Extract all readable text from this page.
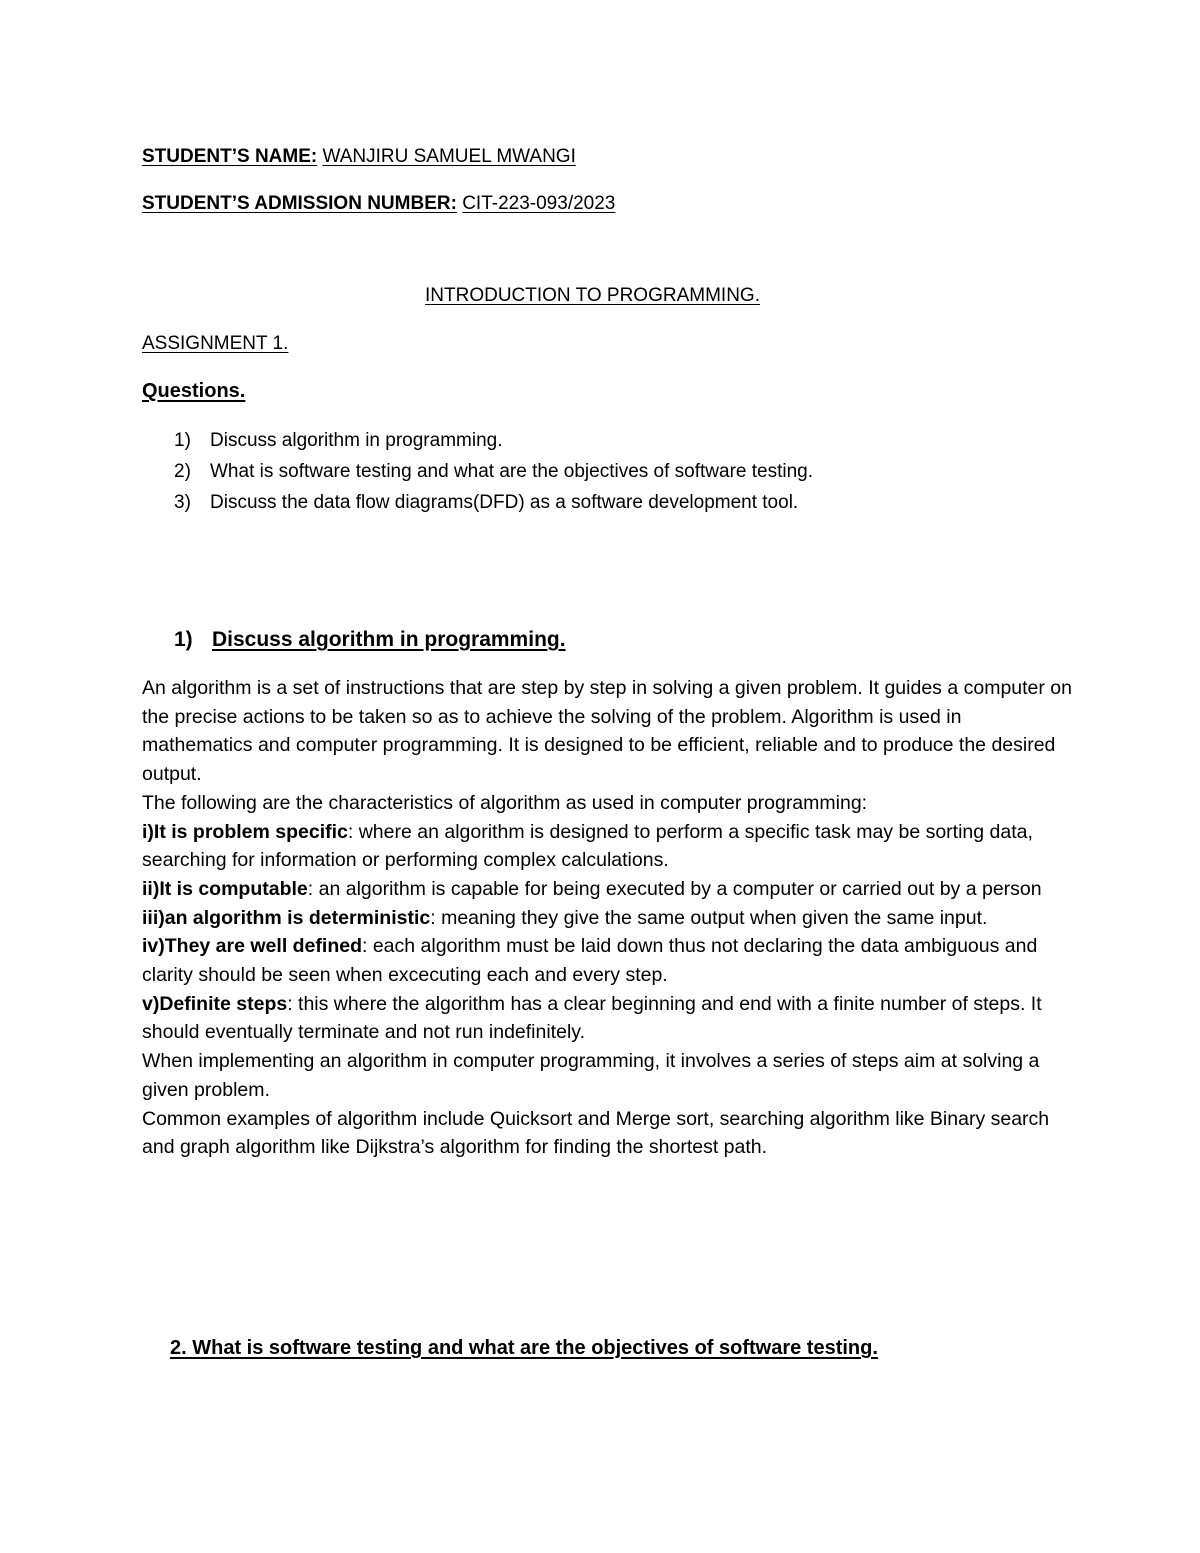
STUDENT’S NAME: WANJIRU SAMUEL MWANGI
STUDENT’S ADMISSION NUMBER: CIT-223-093/2023
INTRODUCTION TO PROGRAMMING.
ASSIGNMENT 1.
Questions.
1) Discuss algorithm in programming.
2) What is software testing and what are the objectives of software testing.
3) Discuss the data flow diagrams(DFD) as a software development tool.
1) Discuss algorithm in programming.

An algorithm is a set of instructions that are step by step in solving a given problem. It guides a computer on the precise actions to be taken so as to achieve the solving of the problem. Algorithm is used in mathematics and computer programming. It is designed to be efficient, reliable and to produce the desired output.

The following are the characteristics of algorithm as used in computer programming:

i)It is problem specific: where an algorithm is designed to perform a specific task may be sorting data, searching for information or performing complex calculations.

ii)It is computable: an algorithm is capable for being executed by a computer or carried out by a person

iii)an algorithm is deterministic: meaning they give the same output when given the same input.

iv)They are well defined: each algorithm must be laid down thus not declaring the data ambiguous and clarity should be seen when excecuting each and every step.

v)Definite steps: this where the algorithm has a clear beginning and end with a finite number of steps. It should eventually terminate and not run indefinitely.

When implementing an algorithm in computer programming, it involves a series of steps aim at solving a given problem.

Common examples of algorithm include Quicksort and Merge sort, searching algorithm like Binary search and graph algorithm like Dijkstra’s algorithm for finding the shortest path.

2. What is software testing and what are the objectives of software testing.
